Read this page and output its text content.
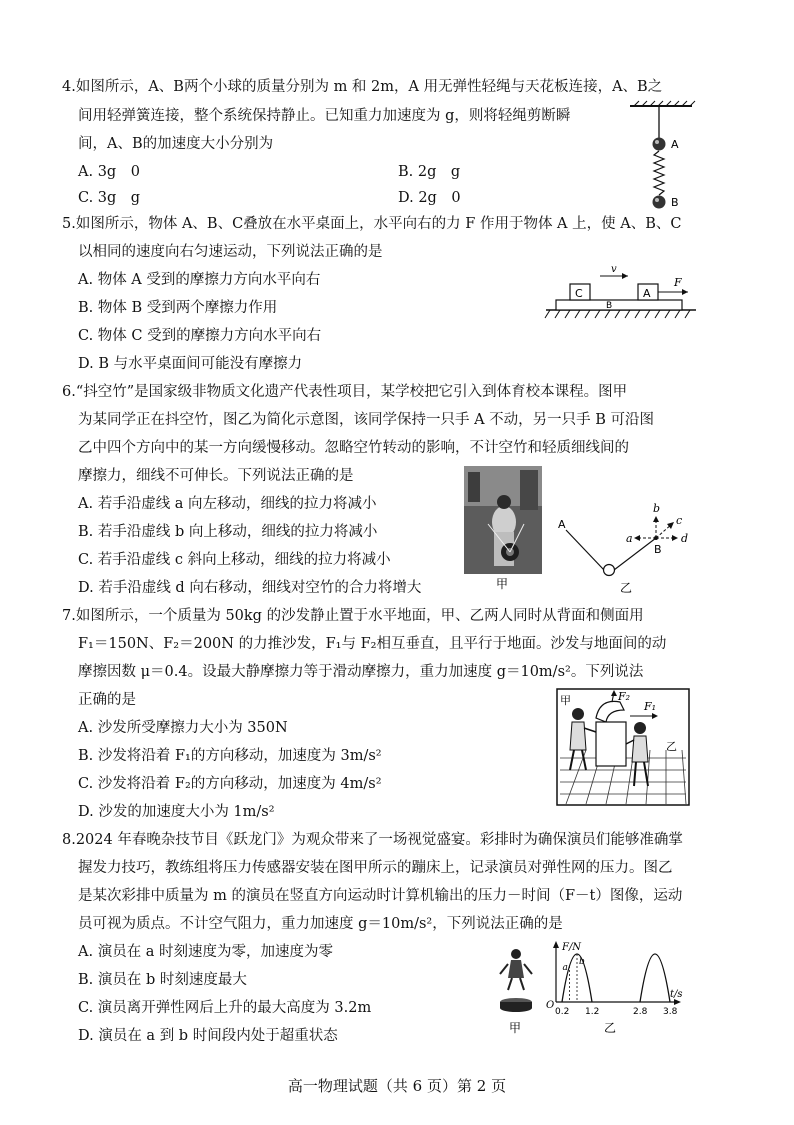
4.如图所示，A、B两个小球的质量分别为 m 和 2m，A 用无弹性轻绳与天花板连接，A、B之
间用轻弹簧连接，整个系统保持静止。已知重力加速度为 g，则将轻绳剪断瞬
间，A、B的加速度大小分别为
A. 3g　0	B. 2g　g
C. 3g　g	D. 2g　0
A
B
5.如图所示，物体 A、B、C叠放在水平桌面上，水平向右的力 F 作用于物体 A 上，使 A、B、C
以相同的速度向右匀速运动，下列说法正确的是
A. 物体 A 受到的摩擦力方向水平向右
B. 物体 B 受到两个摩擦力作用
C. 物体 C 受到的摩擦力方向水平向右
D. B 与水平桌面间可能没有摩擦力
C	A
B
v
F
6.“抖空竹”是国家级非物质文化遗产代表性项目，某学校把它引入到体育校本课程。图甲
为某同学正在抖空竹，图乙为简化示意图，该同学保持一只手 A 不动，另一只手 B 可沿图
乙中四个方向中的某一方向缓慢移动。忽略空竹转动的影响，不计空竹和轻质细线间的
摩擦力，细线不可伸长。下列说法正确的是
A. 若手沿虚线 a 向左移动，细线的拉力将减小
B. 若手沿虚线 b 向上移动，细线的拉力将减小
C. 若手沿虚线 c 斜向上移动，细线的拉力将减小
D. 若手沿虚线 d 向右移动，细线对空竹的合力将增大	甲
A
B
a
b
c
d
乙
7.如图所示，一个质量为 50kg 的沙发静止置于水平地面，甲、乙两人同时从背面和侧面用
F₁＝150N、F₂＝200N 的力推沙发，F₁与 F₂相互垂直，且平行于地面。沙发与地面间的动
摩擦因数 μ＝0.4。设最大静摩擦力等于滑动摩擦力，重力加速度 g＝10m/s²。下列说法
正确的是
A. 沙发所受摩擦力大小为 350N
B. 沙发将沿着 F₁的方向移动，加速度为 3m/s²
C. 沙发将沿着 F₂的方向移动，加速度为 4m/s²
D. 沙发的加速度大小为 1m/s²
F₂
F₁
甲
乙
8.2024 年春晚杂技节目《跃龙门》为观众带来了一场视觉盛宴。彩排时为确保演员们能够准确掌
握发力技巧，教练组将压力传感器安装在图甲所示的蹦床上，记录演员对弹性网的压力。图乙
是某次彩排中质量为 m 的演员在竖直方向运动时计算机输出的压力－时间（F－t）图像，运动
员可视为质点。不计空气阻力，重力加速度 g＝10m/s²，下列说法正确的是
A. 演员在 a 时刻速度为零，加速度为零
B. 演员在 b 时刻速度最大
C. 演员离开弹性网后上升的最大高度为 3.2m
D. 演员在 a 到 b 时间段内处于超重状态	甲
F/N
t/s
O
a
b
0.2 1.2	2.8 3.8
乙
高一物理试题（共 6 页）第 2 页
